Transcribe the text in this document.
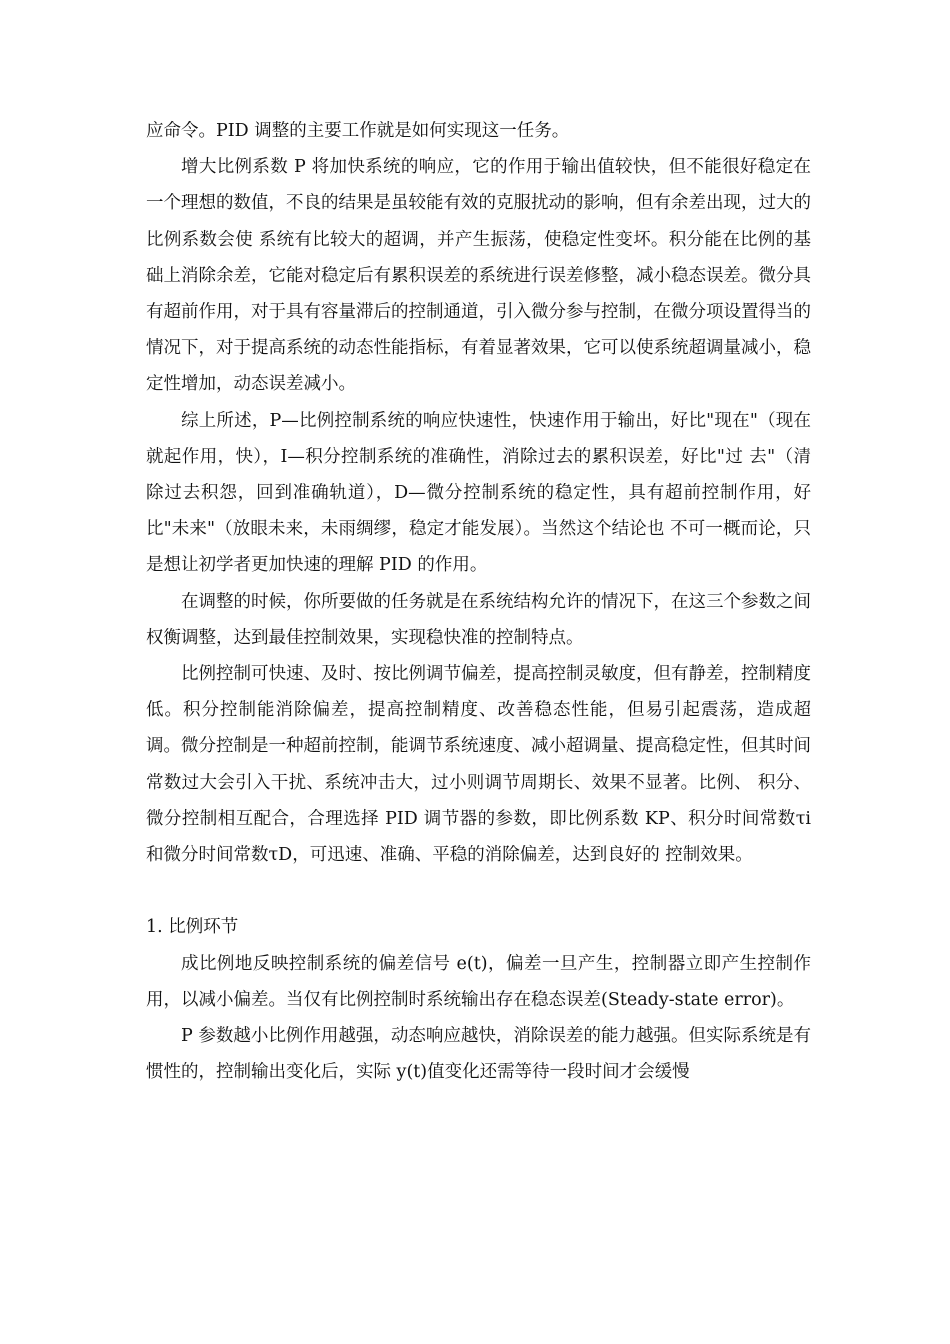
应命令。PID 调整的主要工作就是如何实现这一任务。

增大比例系数 P 将加快系统的响应，它的作用于输出值较快，但不能很好稳定在一个理想的数值，不良的结果是虽较能有效的克服扰动的影响，但有余差出现，过大的比例系数会使 系统有比较大的超调，并产生振荡，使稳定性变坏。积分能在比例的基础上消除余差，它能对稳定后有累积误差的系统进行误差修整，减小稳态误差。微分具有超前作用，对于具有容量滞后的控制通道，引入微分参与控制，在微分项设置得当的情况下，对于提高系统的动态性能指标，有着显著效果，它可以使系统超调量减小，稳定性增加，动态误差减小。

综上所述，P—比例控制系统的响应快速性，快速作用于输出，好比"现在"（现在就起作用，快），I—积分控制系统的准确性，消除过去的累积误差，好比"过 去"（清除过去积怨，回到准确轨道），D—微分控制系统的稳定性，具有超前控制作用，好比"未来"（放眼未来，未雨绸缪，稳定才能发展）。当然这个结论也 不可一概而论，只是想让初学者更加快速的理解 PID 的作用。

在调整的时候，你所要做的任务就是在系统结构允许的情况下，在这三个参数之间权衡调整，达到最佳控制效果，实现稳快准的控制特点。

比例控制可快速、及时、按比例调节偏差，提高控制灵敏度，但有静差，控制精度低。积分控制能消除偏差，提高控制精度、改善稳态性能，但易引起震荡，造成超 调。微分控制是一种超前控制，能调节系统速度、减小超调量、提高稳定性，但其时间常数过大会引入干扰、系统冲击大，过小则调节周期长、效果不显著。比例、 积分、微分控制相互配合，合理选择 PID 调节器的参数，即比例系数 KP、积分时间常数τi 和微分时间常数τD，可迅速、准确、平稳的消除偏差，达到良好的 控制效果。

1. 比例环节

成比例地反映控制系统的偏差信号 e(t)，偏差一旦产生，控制器立即产生控制作用，以减小偏差。当仅有比例控制时系统输出存在稳态误差(Steady-state error)。

P 参数越小比例作用越强，动态响应越快，消除误差的能力越强。但实际系统是有惯性的，控制输出变化后，实际 y(t)值变化还需等待一段时间才会缓慢
